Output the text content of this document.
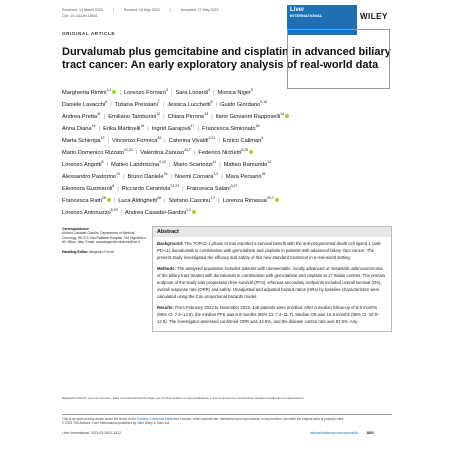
Received: 14 March 2023	|	Revised: 15 May 2023	|	Accepted: 27 May 2023
DOI: 10.1111/liv.15641
Liver
INTERNATIONAL	WILEY
ORIGINAL ARTICLE
Durvalumab plus gemcitabine and cisplatin in advanced biliary tract cancer: An early exploratory analysis of real-world data
Margherita Rimini$^{1,2}$ | Lorenzo Fornaro$^3$ | Sara Lonardi$^4$ | Monica Niger$^5$
Daniele Lavacchi$^6$ | Tiziana Pressiani$^7$ | Jessica Lucchetti$^8$ | Guido Giordano$^{9,10}$
Andrea Pretta$^{11}$ | Emiliano Tamburini$^{12}$ | Chiara Pirrone$^{13}$ | Ilario Giovanni Rapposelli$^{14}$
Anna Diana$^{15}$ | Erika Martinelli$^{16}$ | Ingrid Garajovà$^{17}$ | Francesca Simionato$^{18}$
Marta Schirripa$^{19}$ | Vincenzo Formica$^{20}$ | Caterina Vivaldi$^{3,21}$ | Enrico Caliman$^6$
Mario Domenico Rizzato$^{22,23}$ | Valentina Zanuso$^{24,7}$ | Federico Nichetti$^{5,25}$
Lorenzo Angotti$^8$ | Matteo Landriscina$^{9,10}$ | Mario Scartozzi$^{11}$ | Matteo Ramundo$^{12}$
Alessandro Pastorino$^{13}$ | Bruno Daniele$^{15}$ | Noemi Cornara$^{1,2}$ | Mara Persano$^{26}$
Eleonora Gusmaroli$^8$ | Riccardo Cerantola$^{22,23}$ | Francesca Salani$^{3,27}$
Francesca Ratti$^{28}$ | Luca Aldrighetti$^{28}$ | Stefano Cascinu$^{1,2}$ | Lorenza Rimassa$^{24,7}$
Lorenzo Antonuzzo$^{6,29}$ | Andrea Casadei-Gardini$^{1,2}$
Correspondence
Andrea Casadei-Gardini, Department of Medical Oncology, IRCCS San Raffaele Hospital, Via Olgettina n. 60, Milan, Italy. Email: casadeigardini.andrea@hsr.it
Handling Editor: Alejandro Forner
Abstract

Background: The TOPAZ-1 phase III trial reported a survival benefit with the anti-programmed death cell ligand 1 (anti-PD-L1) durvalumab in combination with gemcitabine and cisplatin in patients with advanced biliary tract cancer. The present study investigated the efficacy and safety of this new standard treatment in a real-world setting.

Methods: The analysed population included patients with unresectable, locally advanced or metastatic adenocarcinoma of the biliary tract treated with durvalumab in combination with gemcitabine and cisplatin at 17 Italian centres. The primary endpoint of the study was progression-free survival (PFS), whereas secondary endpoints included overall survival (OS), overall response rate (ORR) and safety. Unadjusted and adjusted hazard ratios (HRs) by baseline characteristics were calculated using the Cox proportional hazards model.

Results: From February 2022 to November 2022, 145 patients were enrolled. After a median follow-up of 8.5 months (95% CI: 7.9–13.6), the median PFS was 8.9 months (95% CI: 7.4–11.7). Median OS was 12.9 months (95% CI: 10.9–12.9). The investigator-assessed confirmed ORR was 34.5%, and the disease control rate was 87.6%. Any

Margherita Rimini, Lorenzo Fornaro, Sara Lonardi and Monica Niger are Co-first authors. Lorenza Rimassa, Lorenzo Antonuzzo and Andrea Casadei-Gardini are Co-last authors.
This is an open access article under the terms of the Creative Commons Attribution License, which permits use, distribution and reproduction in any medium, provided the original work is properly cited.
© 2023 The Authors. Liver International published by John Wiley & Sons Ltd.
Liver International. 2023;43:1803–1812.	wileyonlinelibrary.com/journal/liv 1803
